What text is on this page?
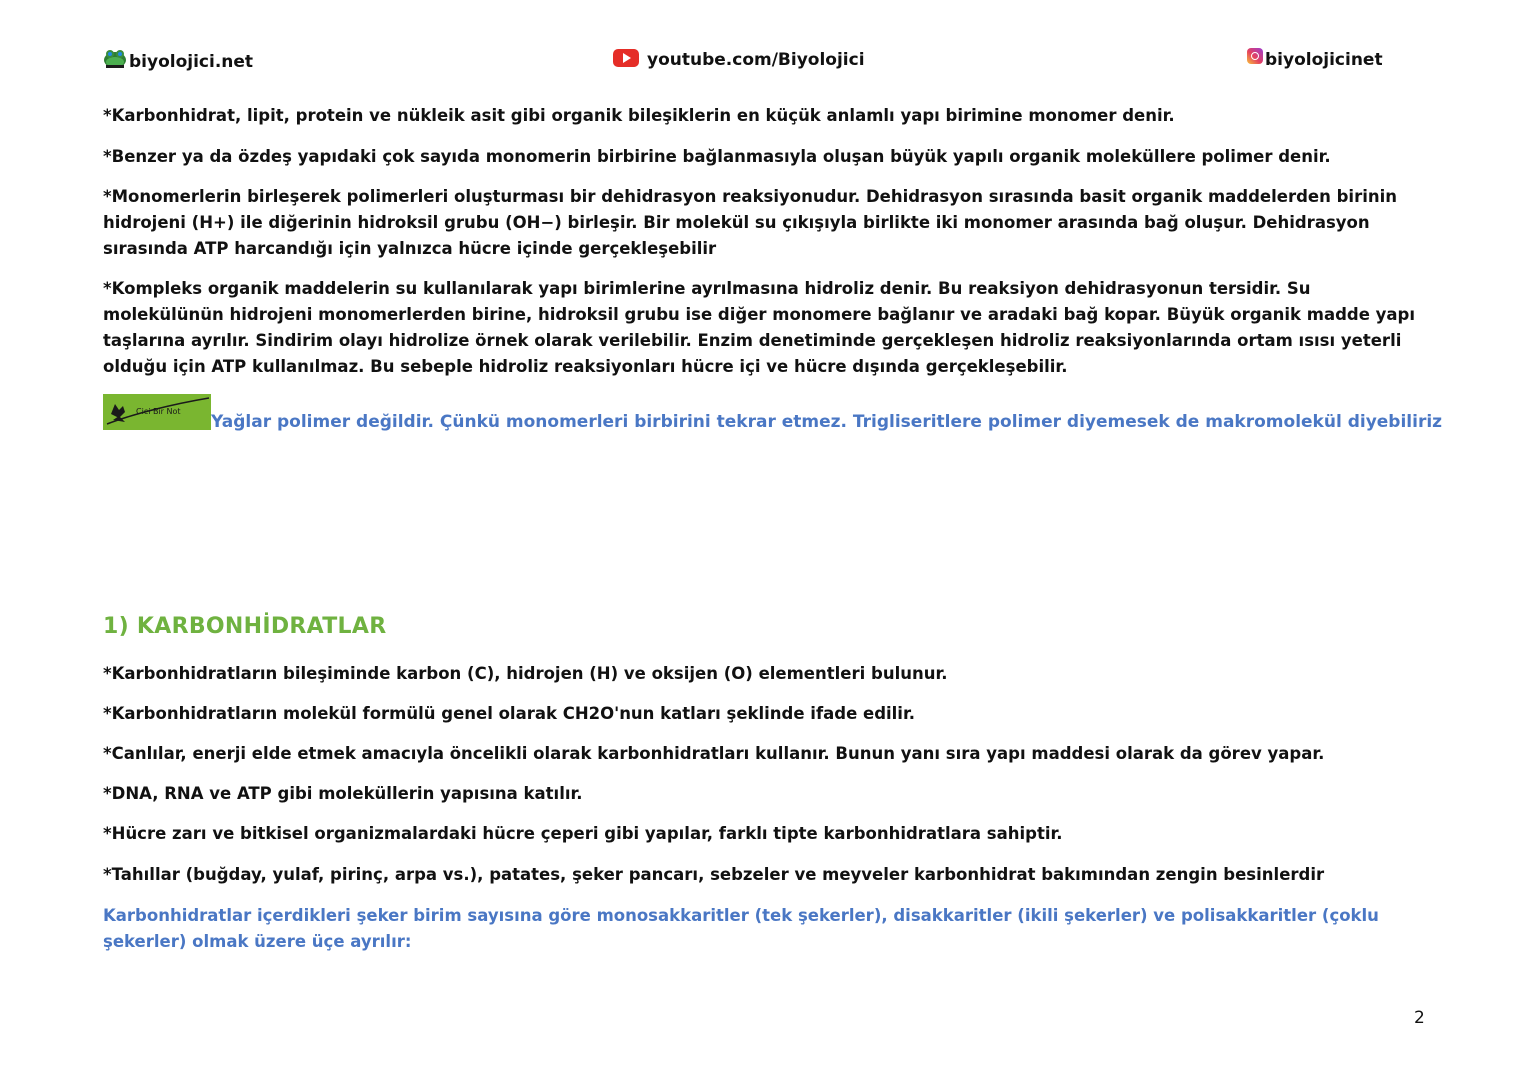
biyolojici.net	youtube.com/Biyolojici	biyolojicinet

*Karbonhidrat, lipit, protein ve nükleik asit gibi organik bileşiklerin en küçük anlamlı yapı birimine monomer denir.

*Benzer ya da özdeş yapıdaki çok sayıda monomerin birbirine bağlanmasıyla oluşan büyük yapılı organik moleküllere polimer denir.

*Monomerlerin birleşerek polimerleri oluşturması bir dehidrasyon reaksiyonudur. Dehidrasyon sırasında basit organik maddelerden birinin hidrojeni (H+) ile diğerinin hidroksil grubu (OH−) birleşir. Bir molekül su çıkışıyla birlikte iki monomer arasında bağ oluşur. Dehidrasyon sırasında ATP harcandığı için yalnızca hücre içinde gerçekleşebilir

*Kompleks organik maddelerin su kullanılarak yapı birimlerine ayrılmasına hidroliz denir. Bu reaksiyon dehidrasyonun tersidir. Su molekülünün hidrojeni monomerlerden birine, hidroksil grubu ise diğer monomere bağlanır ve aradaki bağ kopar. Büyük organik madde yapı taşlarına ayrılır. Sindirim olayı hidrolize örnek olarak verilebilir. Enzim denetiminde gerçekleşen hidroliz reaksiyonlarında ortam ısısı yeterli olduğu için ATP kullanılmaz. Bu sebeple hidroliz reaksiyonları hücre içi ve hücre dışında gerçekleşebilir.

Cici Bir Not
Yağlar polimer değildir. Çünkü monomerleri birbirini tekrar etmez. Trigliseritlere polimer diyemesek de makromolekül diyebiliriz
1) KARBONHİDRATLAR

*Karbonhidratların bileşiminde karbon (C), hidrojen (H) ve oksijen (O) elementleri bulunur.

*Karbonhidratların molekül formülü genel olarak CH2O'nun katları şeklinde ifade edilir.

*Canlılar, enerji elde etmek amacıyla öncelikli olarak karbonhidratları kullanır. Bunun yanı sıra yapı maddesi olarak da görev yapar.

*DNA, RNA ve ATP gibi moleküllerin yapısına katılır.

*Hücre zarı ve bitkisel organizmalardaki hücre çeperi gibi yapılar, farklı tipte karbonhidratlara sahiptir.

*Tahıllar (buğday, yulaf, pirinç, arpa vs.), patates, şeker pancarı, sebzeler ve meyveler karbonhidrat bakımından zengin besinlerdir

Karbonhidratlar içerdikleri şeker birim sayısına göre monosakkaritler (tek şekerler), disakkaritler (ikili şekerler) ve polisakkaritler (çoklu şekerler) olmak üzere üçe ayrılır:

2
